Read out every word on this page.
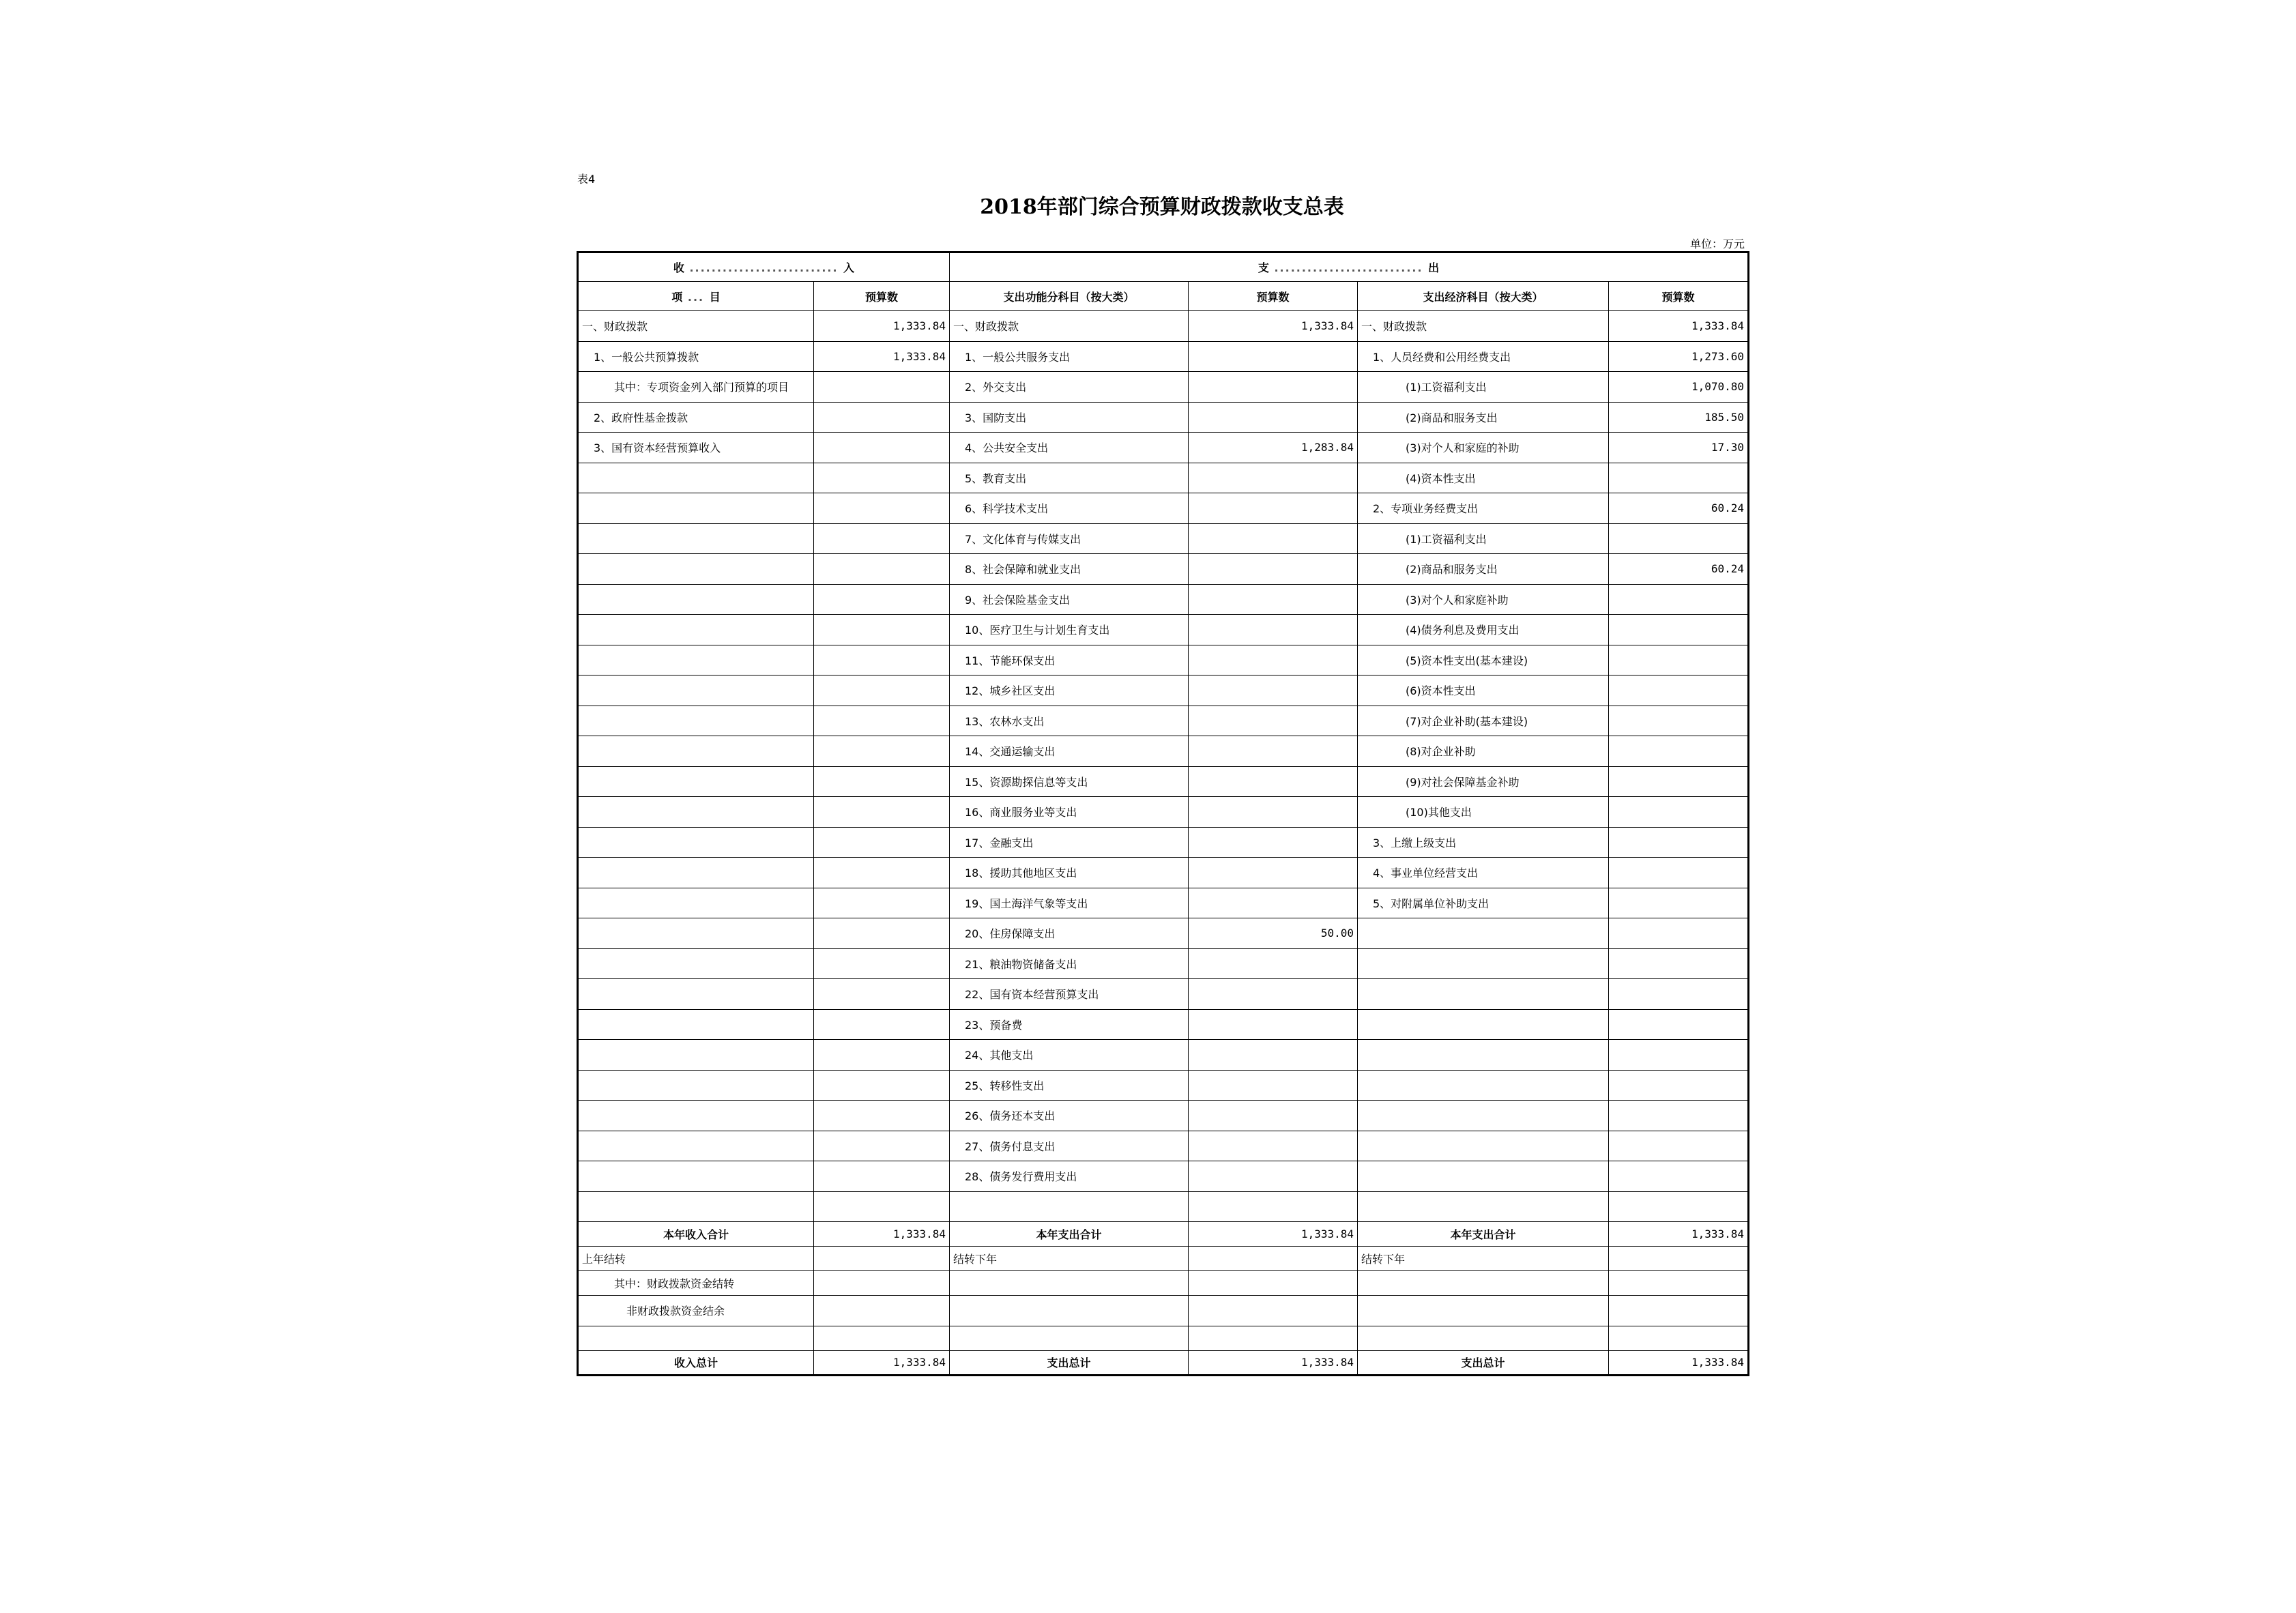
表4
2018年部门综合预算财政拨款收支总表
单位：万元
收 ........................... 入		支 ........................... 出			
项 ... 目	预算数	支出功能分科目（按大类）	预算数	支出经济科目（按大类）	预算数
一、财政拨款	1,333.84	一、财政拨款	1,333.84	一、财政拨款	1,333.84
1、一般公共预算拨款	1,333.84	1、一般公共服务支出		1、人员经费和公用经费支出	1,273.60
其中：专项资金列入部门预算的项目		2、外交支出		(1)工资福利支出	1,070.80
2、政府性基金拨款		3、国防支出		(2)商品和服务支出	185.50
3、国有资本经营预算收入		4、公共安全支出	1,283.84	(3)对个人和家庭的补助	17.30
		5、教育支出		(4)资本性支出	
		6、科学技术支出		2、专项业务经费支出	60.24
		7、文化体育与传媒支出		(1)工资福利支出	
		8、社会保障和就业支出		(2)商品和服务支出	60.24
		9、社会保险基金支出		(3)对个人和家庭补助	
		10、医疗卫生与计划生育支出		(4)债务利息及费用支出	
		11、节能环保支出		(5)资本性支出(基本建设)	
		12、城乡社区支出		(6)资本性支出	
		13、农林水支出		(7)对企业补助(基本建设)	
		14、交通运输支出		(8)对企业补助	
		15、资源勘探信息等支出		(9)对社会保障基金补助	
		16、商业服务业等支出		(10)其他支出	
		17、金融支出		3、上缴上级支出	
		18、援助其他地区支出		4、事业单位经营支出	
		19、国土海洋气象等支出		5、对附属单位补助支出	
		20、住房保障支出	50.00		
		21、粮油物资储备支出			
		22、国有资本经营预算支出			
		23、预备费			
		24、其他支出			
		25、转移性支出			
		26、债务还本支出			
		27、债务付息支出			
		28、债务发行费用支出			

本年收入合计	1,333.84	本年支出合计	1,333.84	本年支出合计	1,333.84
上年结转		结转下年		结转下年	
其中：财政拨款资金结转					
非财政拨款资金结余					

收入总计	1,333.84	支出总计	1,333.84	支出总计	1,333.84
